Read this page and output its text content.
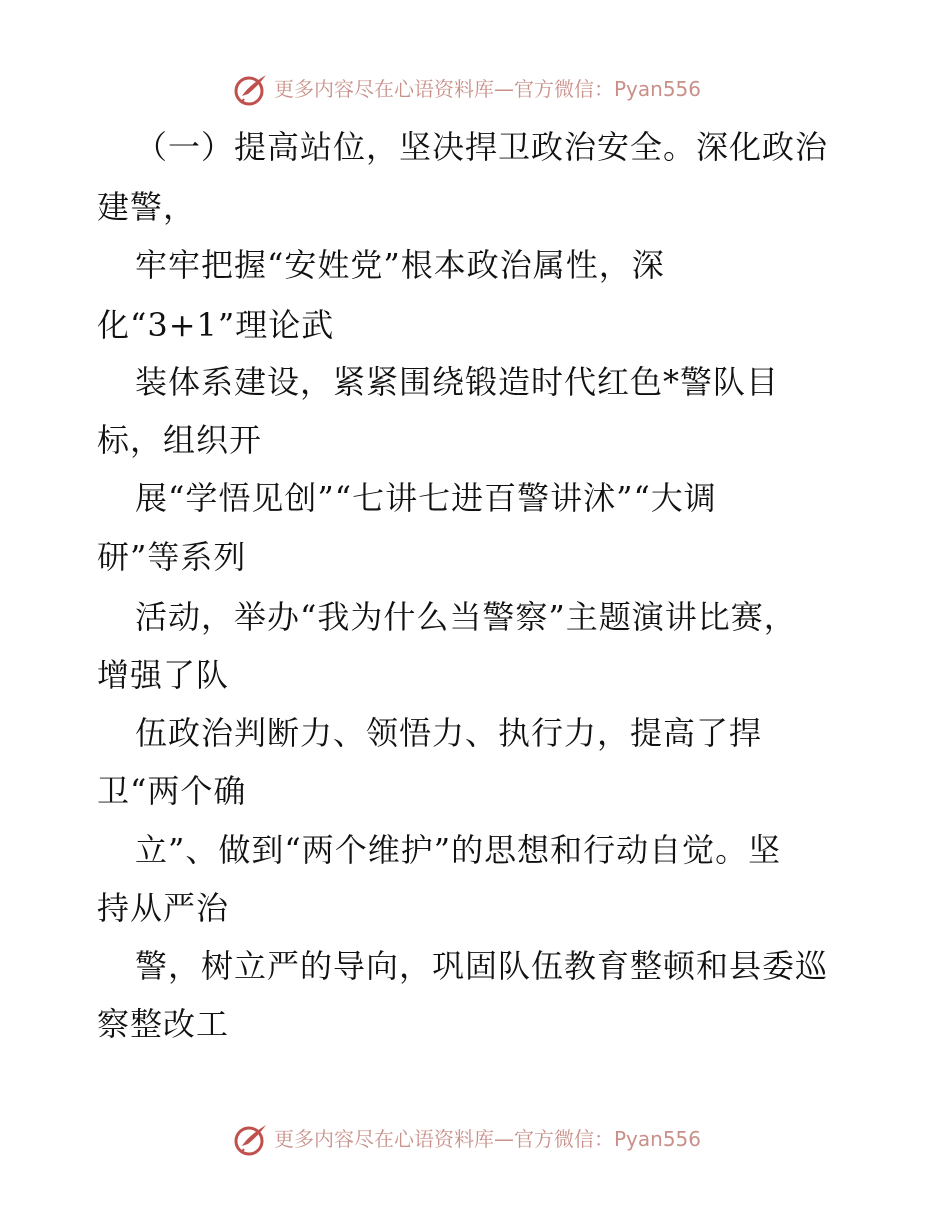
更多内容尽在心语资料库—官方微信：Pyan556
（一）提高站位，坚决捍卫政治安全。深化政治
建警，
牢牢把握“安姓党”根本政治属性，深
化“3+1”理论武
装体系建设，紧紧围绕锻造时代红色*警队目
标，组织开
展“学悟见创”“七讲七进百警讲沭”“大调
研”等系列
活动，举办“我为什么当警察”主题演讲比赛，
增强了队
伍政治判断力、领悟力、执行力，提高了捍
卫“两个确
立”、做到“两个维护”的思想和行动自觉。坚
持从严治
警，树立严的导向，巩固队伍教育整顿和县委巡
察整改工
更多内容尽在心语资料库—官方微信：Pyan556
